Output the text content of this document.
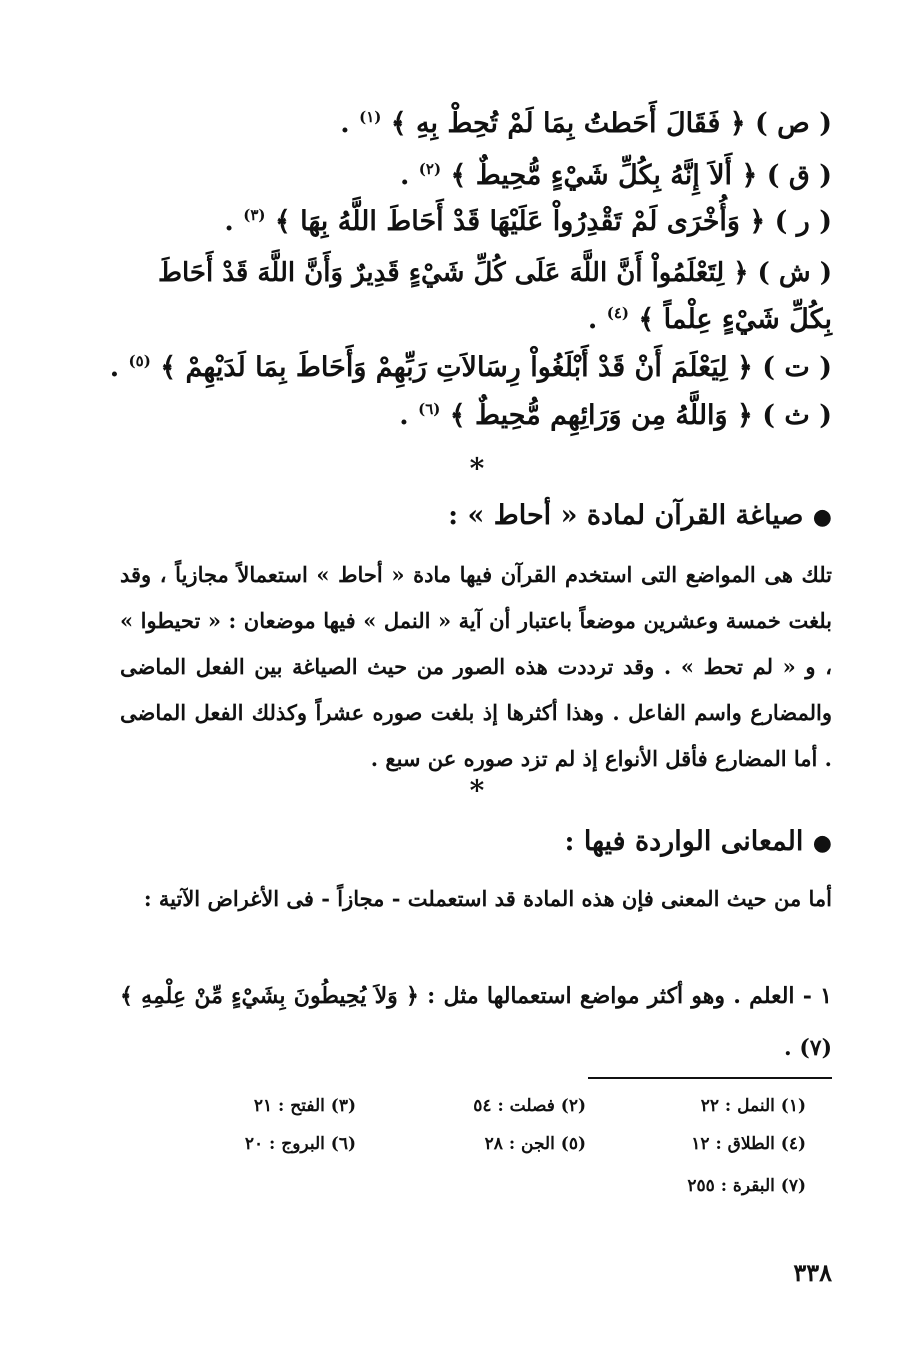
( ص ) ﴿ فَقَالَ أَحَطتُ بِمَا لَمْ تُحِطْ بِهِ ﴾ $^{(١)}$ .

( ق ) ﴿ أَلاَ إِنَّهُ بِكُلِّ شَيْءٍ مُّحِيطٌ ﴾ $^{(٢)}$ .

( ر ) ﴿ وَأُخْرَى لَمْ تَقْدِرُواْ عَلَيْهَا قَدْ أَحَاطَ اللَّهُ بِهَا ﴾ $^{(٣)}$ .

( ش ) ﴿ لِتَعْلَمُواْ أَنَّ اللَّهَ عَلَى كُلِّ شَيْءٍ قَدِيرٌ وَأَنَّ اللَّهَ قَدْ أَحَاطَ

بِكُلِّ شَيْءٍ عِلْماً ﴾ $^{(٤)}$ .

( ت ) ﴿ لِيَعْلَمَ أَنْ قَدْ أَبْلَغُواْ رِسَالاَتِ رَبِّهِمْ وَأَحَاطَ بِمَا لَدَيْهِمْ ﴾ $^{(٥)}$ .

( ث ) ﴿ وَاللَّهُ مِن وَرَائِهِم مُّحِيطٌ ﴾ $^{(٦)}$ .

*

● صياغة القرآن لمادة « أحاط » :

تلك هى المواضع التى استخدم القرآن فيها مادة « أحاط » استعمالاً مجازياً ، وقد بلغت خمسة وعشرين موضعاً باعتبار أن آية « النمل » فيها موضعان : « تحيطوا » ، و « لم تحط » . وقد ترددت هذه الصور من حيث الصياغة بين الفعل الماضى والمضارع واسم الفاعل . وهذا أكثرها إذ بلغت صوره عشراً وكذلك الفعل الماضى . أما المضارع فأقل الأنواع إذ لم تزد صوره عن سبع .

*

● المعانى الواردة فيها :

أما من حيث المعنى فإن هذه المادة قد استعملت - مجازاً - فى الأغراض الآتية :

١ - العلم . وهو أكثر مواضع استعمالها مثل : ﴿ وَلاَ يُحِيطُونَ بِشَيْءٍ مِّنْ عِلْمِهِ ﴾ (٧) .

(١) النمل : ٢٢
(٢) فصلت : ٥٤
(٣) الفتح : ٢١
(٤) الطلاق : ١٢
(٥) الجن : ٢٨
(٦) البروج : ٢٠
(٧) البقرة : ٢٥٥
٣٣٨
